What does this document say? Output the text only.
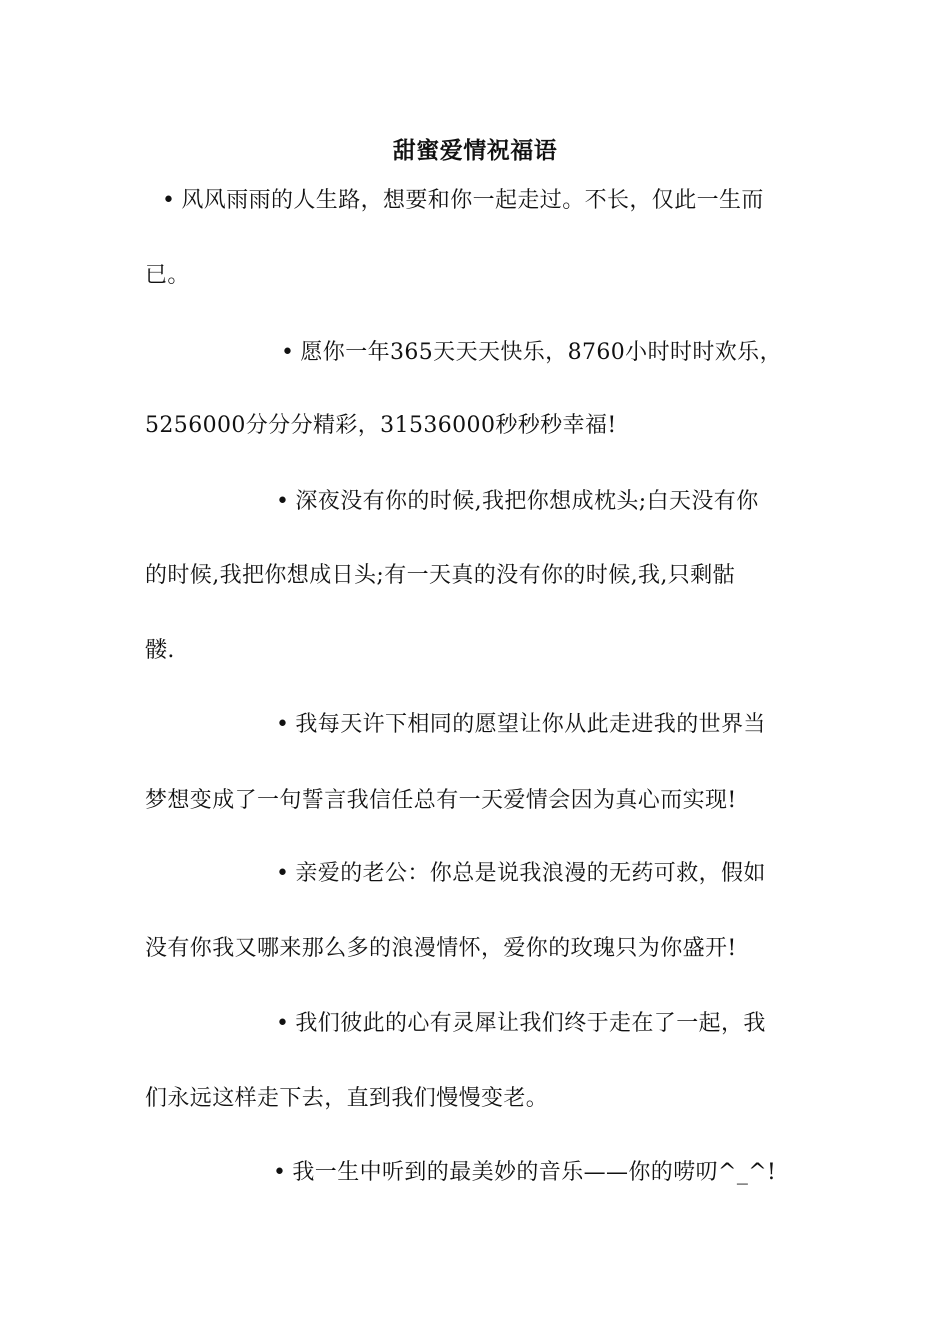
甜蜜爱情祝福语
• 风风雨雨的人生路，想要和你一起走过。不长，仅此一生而
已。
• 愿你一年365天天天快乐，8760小时时时欢乐，
5256000分分分精彩，31536000秒秒秒幸福!
• 深夜没有你的时候,我把你想成枕头;白天没有你
的时候,我把你想成日头;有一天真的没有你的时候,我,只剩骷
髅.
• 我每天许下相同的愿望让你从此走进我的世界当
梦想变成了一句誓言我信任总有一天爱情会因为真心而实现!
• 亲爱的老公：你总是说我浪漫的无药可救，假如
没有你我又哪来那么多的浪漫情怀，爱你的玫瑰只为你盛开!
• 我们彼此的心有灵犀让我们终于走在了一起，我
们永远这样走下去，直到我们慢慢变老。
• 我一生中听到的最美妙的音乐——你的唠叨^_^!
